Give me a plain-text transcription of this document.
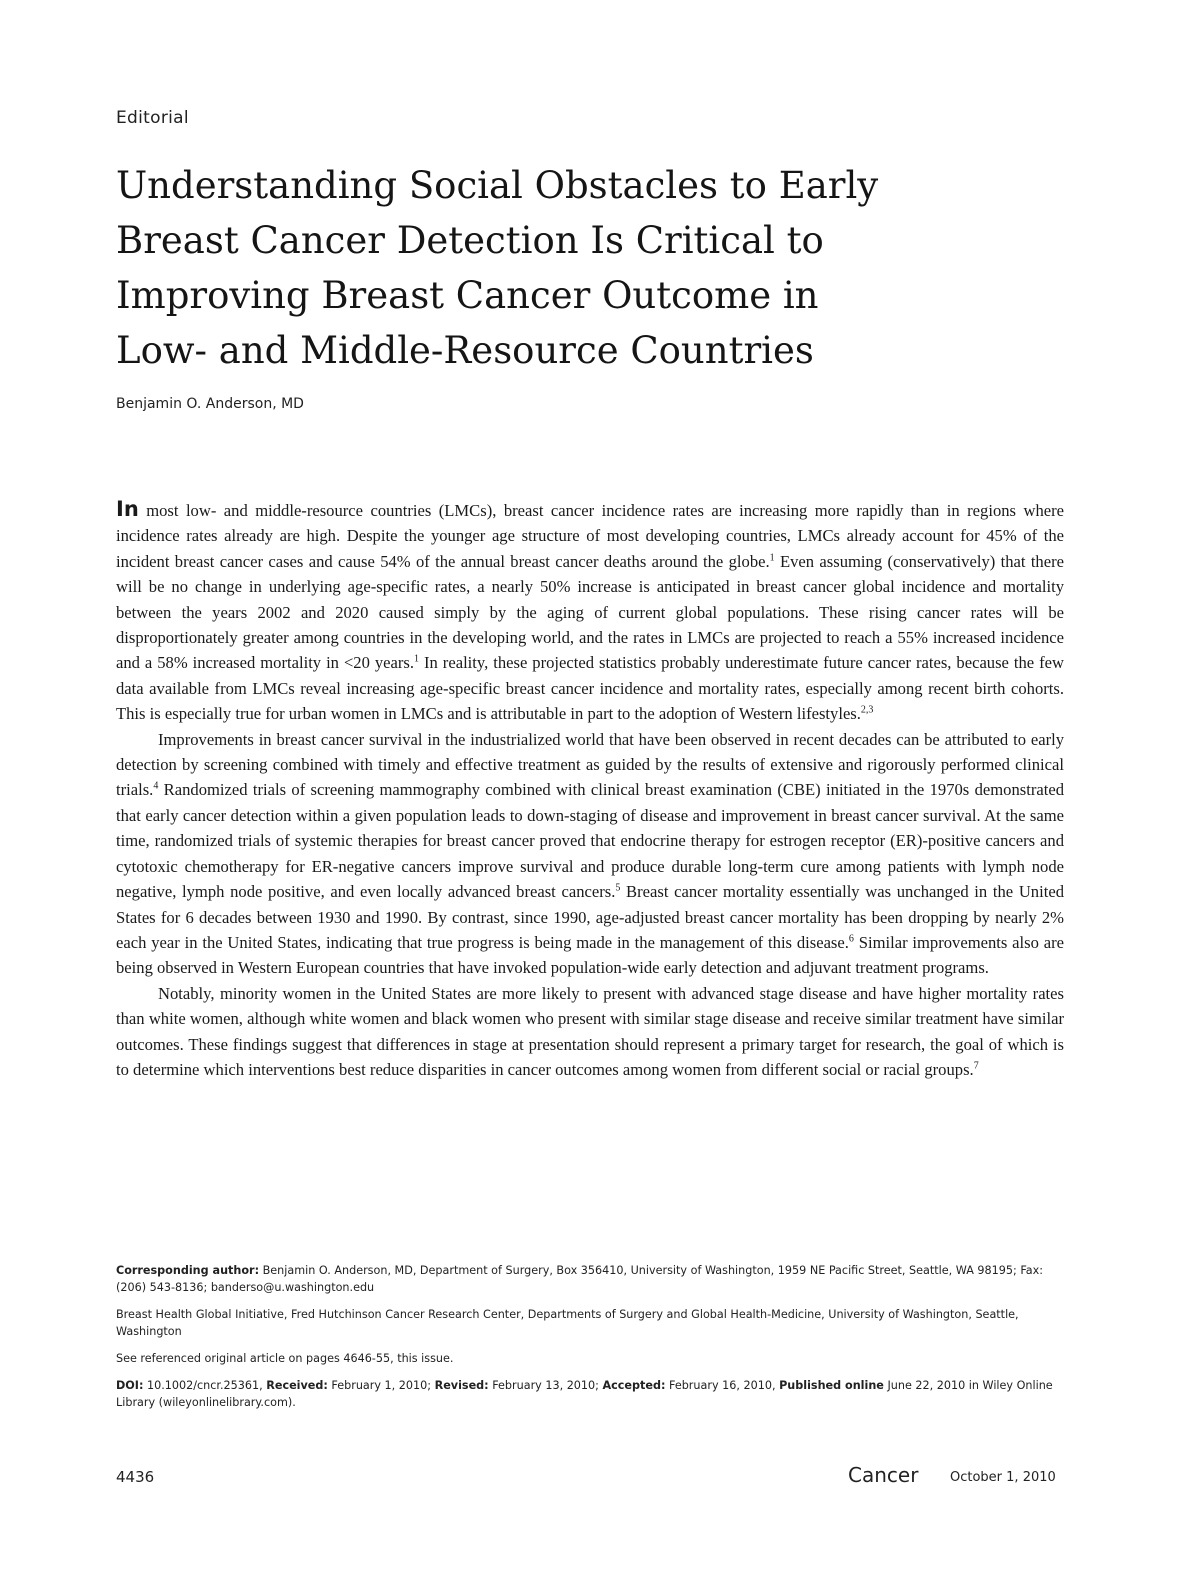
Editorial
Understanding Social Obstacles to Early
Breast Cancer Detection Is Critical to
Improving Breast Cancer Outcome in
Low- and Middle-Resource Countries
Benjamin O. Anderson, MD

In most low- and middle-resource countries (LMCs), breast cancer incidence rates are increasing more rapidly than in regions where incidence rates already are high. Despite the younger age structure of most developing countries, LMCs already account for 45% of the incident breast cancer cases and cause 54% of the annual breast cancer deaths around the globe.$^1$ Even assuming (conservatively) that there will be no change in underlying age-specific rates, a nearly 50% increase is anticipated in breast cancer global incidence and mortality between the years 2002 and 2020 caused simply by the aging of current global populations. These rising cancer rates will be disproportionately greater among countries in the developing world, and the rates in LMCs are projected to reach a 55% increased incidence and a 58% increased mortality in <20 years.$^1$ In reality, these projected statistics probably underestimate future cancer rates, because the few data available from LMCs reveal increasing age-specific breast cancer incidence and mortality rates, especially among recent birth cohorts. This is especially true for urban women in LMCs and is attributable in part to the adoption of Western lifestyles.$^{2,3}$

Improvements in breast cancer survival in the industrialized world that have been observed in recent decades can be attributed to early detection by screening combined with timely and effective treatment as guided by the results of extensive and rigorously performed clinical trials.$^4$ Randomized trials of screening mammography combined with clinical breast examination (CBE) initiated in the 1970s demonstrated that early cancer detection within a given population leads to down-staging of disease and improvement in breast cancer survival. At the same time, randomized trials of systemic therapies for breast cancer proved that endocrine therapy for estrogen receptor (ER)-positive cancers and cytotoxic chemotherapy for ER-negative cancers improve survival and produce durable long-term cure among patients with lymph node negative, lymph node positive, and even locally advanced breast cancers.$^5$ Breast cancer mortality essentially was unchanged in the United States for 6 decades between 1930 and 1990. By contrast, since 1990, age-adjusted breast cancer mortality has been dropping by nearly 2% each year in the United States, indicating that true progress is being made in the management of this disease.$^6$ Similar improvements also are being observed in Western European countries that have invoked population-wide early detection and adjuvant treatment programs.

Notably, minority women in the United States are more likely to present with advanced stage disease and have higher mortality rates than white women, although white women and black women who present with similar stage disease and receive similar treatment have similar outcomes. These findings suggest that differences in stage at presentation should represent a primary target for research, the goal of which is to determine which interventions best reduce disparities in cancer outcomes among women from different social or racial groups.$^7$

Corresponding author: Benjamin O. Anderson, MD, Department of Surgery, Box 356410, University of Washington, 1959 NE Pacific Street, Seattle, WA 98195; Fax: (206) 543-8136; banderso@u.washington.edu

Breast Health Global Initiative, Fred Hutchinson Cancer Research Center, Departments of Surgery and Global Health-Medicine, University of Washington, Seattle, Washington

See referenced original article on pages 4646-55, this issue.

DOI: 10.1002/cncr.25361, Received: February 1, 2010; Revised: February 13, 2010; Accepted: February 16, 2010, Published online June 22, 2010 in Wiley Online Library (wileyonlinelibrary.com).

4436	Cancer October 1, 2010
